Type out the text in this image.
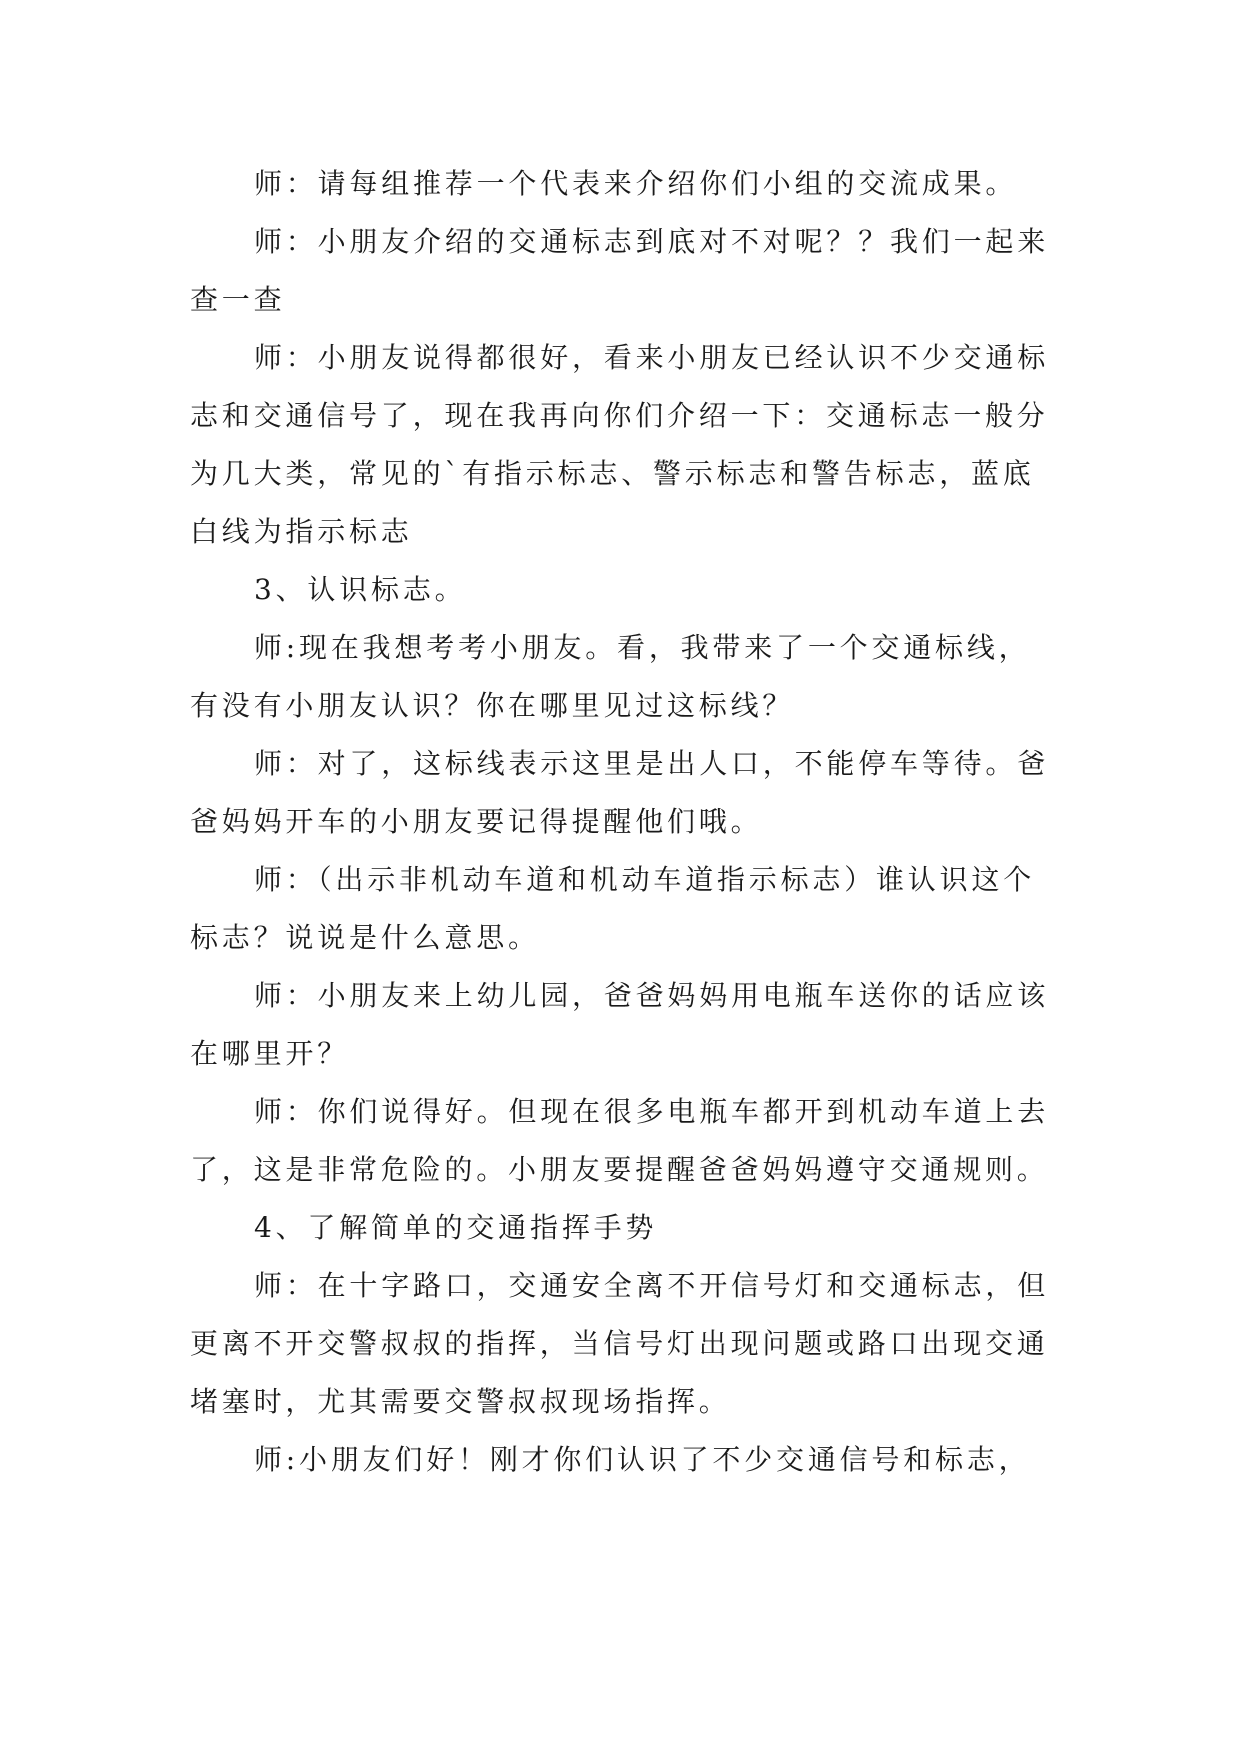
师：请每组推荐一个代表来介绍你们小组的交流成果。

师：小朋友介绍的交通标志到底对不对呢？？我们一起来查一查

师：小朋友说得都很好，看来小朋友已经认识不少交通标志和交通信号了，现在我再向你们介绍一下：交通标志一般分为几大类，常见的`有指示标志、警示标志和警告标志，蓝底白线为指示标志

3、认识标志。

师:现在我想考考小朋友。看，我带来了一个交通标线，有没有小朋友认识？你在哪里见过这标线？

师：对了，这标线表示这里是出人口，不能停车等待。爸爸妈妈开车的小朋友要记得提醒他们哦。

师：（出示非机动车道和机动车道指示标志）谁认识这个标志？说说是什么意思。

师：小朋友来上幼儿园，爸爸妈妈用电瓶车送你的话应该在哪里开？

师：你们说得好。但现在很多电瓶车都开到机动车道上去了，这是非常危险的。小朋友要提醒爸爸妈妈遵守交通规则。

4、了解简单的交通指挥手势

师：在十字路口，交通安全离不开信号灯和交通标志，但更离不开交警叔叔的指挥，当信号灯出现问题或路口出现交通堵塞时，尤其需要交警叔叔现场指挥。

师:小朋友们好！刚才你们认识了不少交通信号和标志，
